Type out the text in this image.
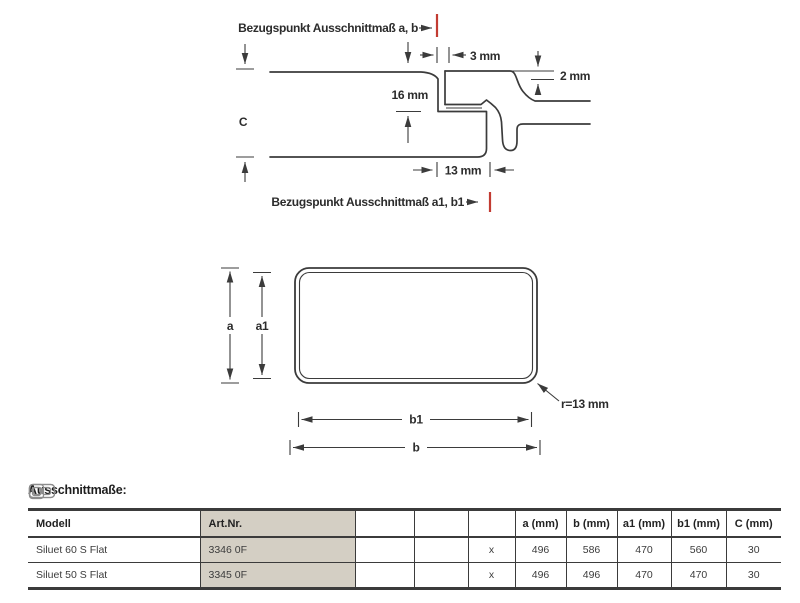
Bezugspunkt Ausschnittmaß a, b
C
3 mm
2 mm
16 mm
13 mm
Bezugspunkt Ausschnittmaß a1, b1
a a1
b1
b
r=13 mm

Ausschnittmaße:

Modell	Art.Nr.				a (mm)	b (mm)	a1 (mm)	b1 (mm)	C (mm)
Siluet 60 S Flat	3346 0F			x	496	586	470	560	30
Siluet 50 S Flat	3345 0F			x	496	496	470	470	30
